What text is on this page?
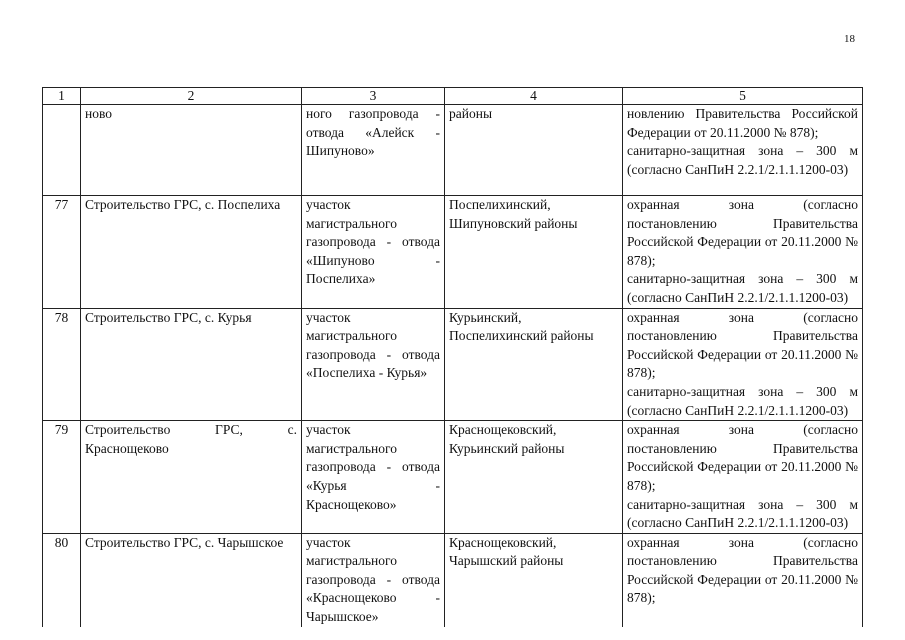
18
1	2	3	4	5
	ново	ного газопровода - отвода «Алейск - Шипуново»	районы	новлению Правительства Российской Федерации от 20.11.2000 № 878);
санитарно-защитная зона – 300 м (согласно СанПиН 2.2.1/2.1.1.1200-03)

77	Строительство ГРС, с. Поспелиха	участок магистрального газопровода - отвода «Шипуново - Поспелиха»	Поспелихинский, Шипуновский районы	охранная зона (согласно постановлению Правительства Российской Федерации от 20.11.2000 № 878);
санитарно-защитная зона – 300 м (согласно СанПиН 2.2.1/2.1.1.1200-03)

78	Строительство ГРС, с. Курья	участок магистрального газопровода - отвода «Поспелиха - Курья»	Курьинский, Поспелихинский районы	охранная зона (согласно постановлению Правительства Российской Федерации от 20.11.2000 № 878);
санитарно-защитная зона – 300 м (согласно СанПиН 2.2.1/2.1.1.1200-03)

79	Строительство ГРС, с. Краснощеково	участок магистрального газопровода - отвода «Курья - Краснощеково»	Краснощековский, Курьинский районы	охранная зона (согласно постановлению Правительства Российской Федерации от 20.11.2000 № 878);
санитарно-защитная зона – 300 м (согласно СанПиН 2.2.1/2.1.1.1200-03)

80	Строительство ГРС, с. Чарышское	участок магистрального газопровода - отвода «Краснощеково - Чарышское»	Краснощековский, Чарышский районы	охранная зона (согласно постановлению Правительства Российской Федерации от 20.11.2000 № 878);
